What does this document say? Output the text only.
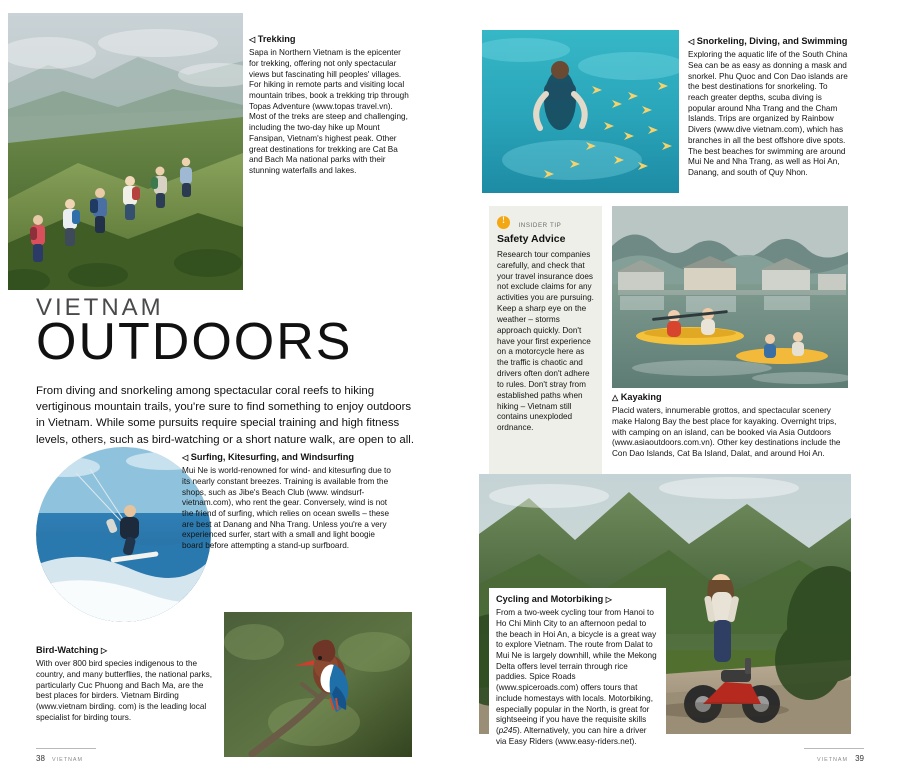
◁ Trekking
Sapa in Northern Vietnam is the epicenter for trekking, offering not only spectacular views but fascinating hill peoples' villages. For hiking in remote parts and visiting local mountain tribes, book a trekking trip through Topas Adventure (www.topas travel.vn). Most of the treks are steep and challenging, including the two-day hike up Mount Fansipan, Vietnam's highest peak. Other great destinations for trekking are Cat Ba and Bach Ma national parks with their stunning waterfalls and lakes.
VIETNAM
OUTDOORS
From diving and snorkeling among spectacular coral reefs to hiking vertiginous mountain trails, you're sure to find something to enjoy outdoors in Vietnam. While some pursuits require special training and high fitness levels, others, such as bird-watching or a short nature walk, are open to all.
◁ Surfing, Kitesurfing, and Windsurfing
Mui Ne is world-renowned for wind- and kitesurfing due to its nearly constant breezes. Training is available from the shops, such as Jibe's Beach Club (www. windsurf-vietnam.com), who rent the gear. Conversely, wind is not the friend of surfing, which relies on ocean swells – these are best at Danang and Nha Trang. Unless you're a very experienced surfer, start with a small and light boogie board before attempting a stand-up surfboard.
Bird-Watching ▷
With over 800 bird species indigenous to the country, and many butterflies, the national parks, particularly Cuc Phuong and Bach Ma, are the best places for birders. Vietnam Birding (www.vietnam birding. com) is the leading local specialist for birding tours.
38 VIETNAM
◁ Snorkeling, Diving, and Swimming
Exploring the aquatic life of the South China Sea can be as easy as donning a mask and snorkel. Phu Quoc and Con Dao islands are the best destinations for snorkeling. To reach greater depths, scuba diving is popular around Nha Trang and the Cham Islands. Trips are organized by Rainbow Divers (www.dive vietnam.com), which has branches in all the best offshore dive spots. The best beaches for swimming are around Mui Ne and Nha Trang, as well as Hoi An, Danang, and south of Quy Nhon.
! INSIDER TIP
Safety Advice
Research tour companies carefully, and check that your travel insurance does not exclude claims for any activities you are pursuing. Keep a sharp eye on the weather – storms approach quickly. Don't have your first experience on a motorcycle here as the traffic is chaotic and drivers often don't adhere to rules. Don't stray from established paths when hiking – Vietnam still contains unexploded ordnance.
△ Kayaking
Placid waters, innumerable grottos, and spectacular scenery make Halong Bay the best place for kayaking. Overnight trips, with camping on an island, can be booked via Asia Outdoors (www.asiaoutdoors.com.vn). Other key destinations include the Con Dao Islands, Cat Ba Island, Dalat, and around Hoi An.
Cycling and Motorbiking ▷
From a two-week cycling tour from Hanoi to Ho Chi Minh City to an afternoon pedal to the beach in Hoi An, a bicycle is a great way to explore Vietnam. The route from Dalat to Mui Ne is largely downhill, while the Mekong Delta offers level terrain through rice paddies. Spice Roads (www.spiceroads.com) offers tours that include homestays with locals. Motorbiking, especially popular in the North, is great for sightseeing if you have the requisite skills (p245). Alternatively, you can hire a driver via Easy Riders (www.easy-riders.net).
39
VIETNAM
